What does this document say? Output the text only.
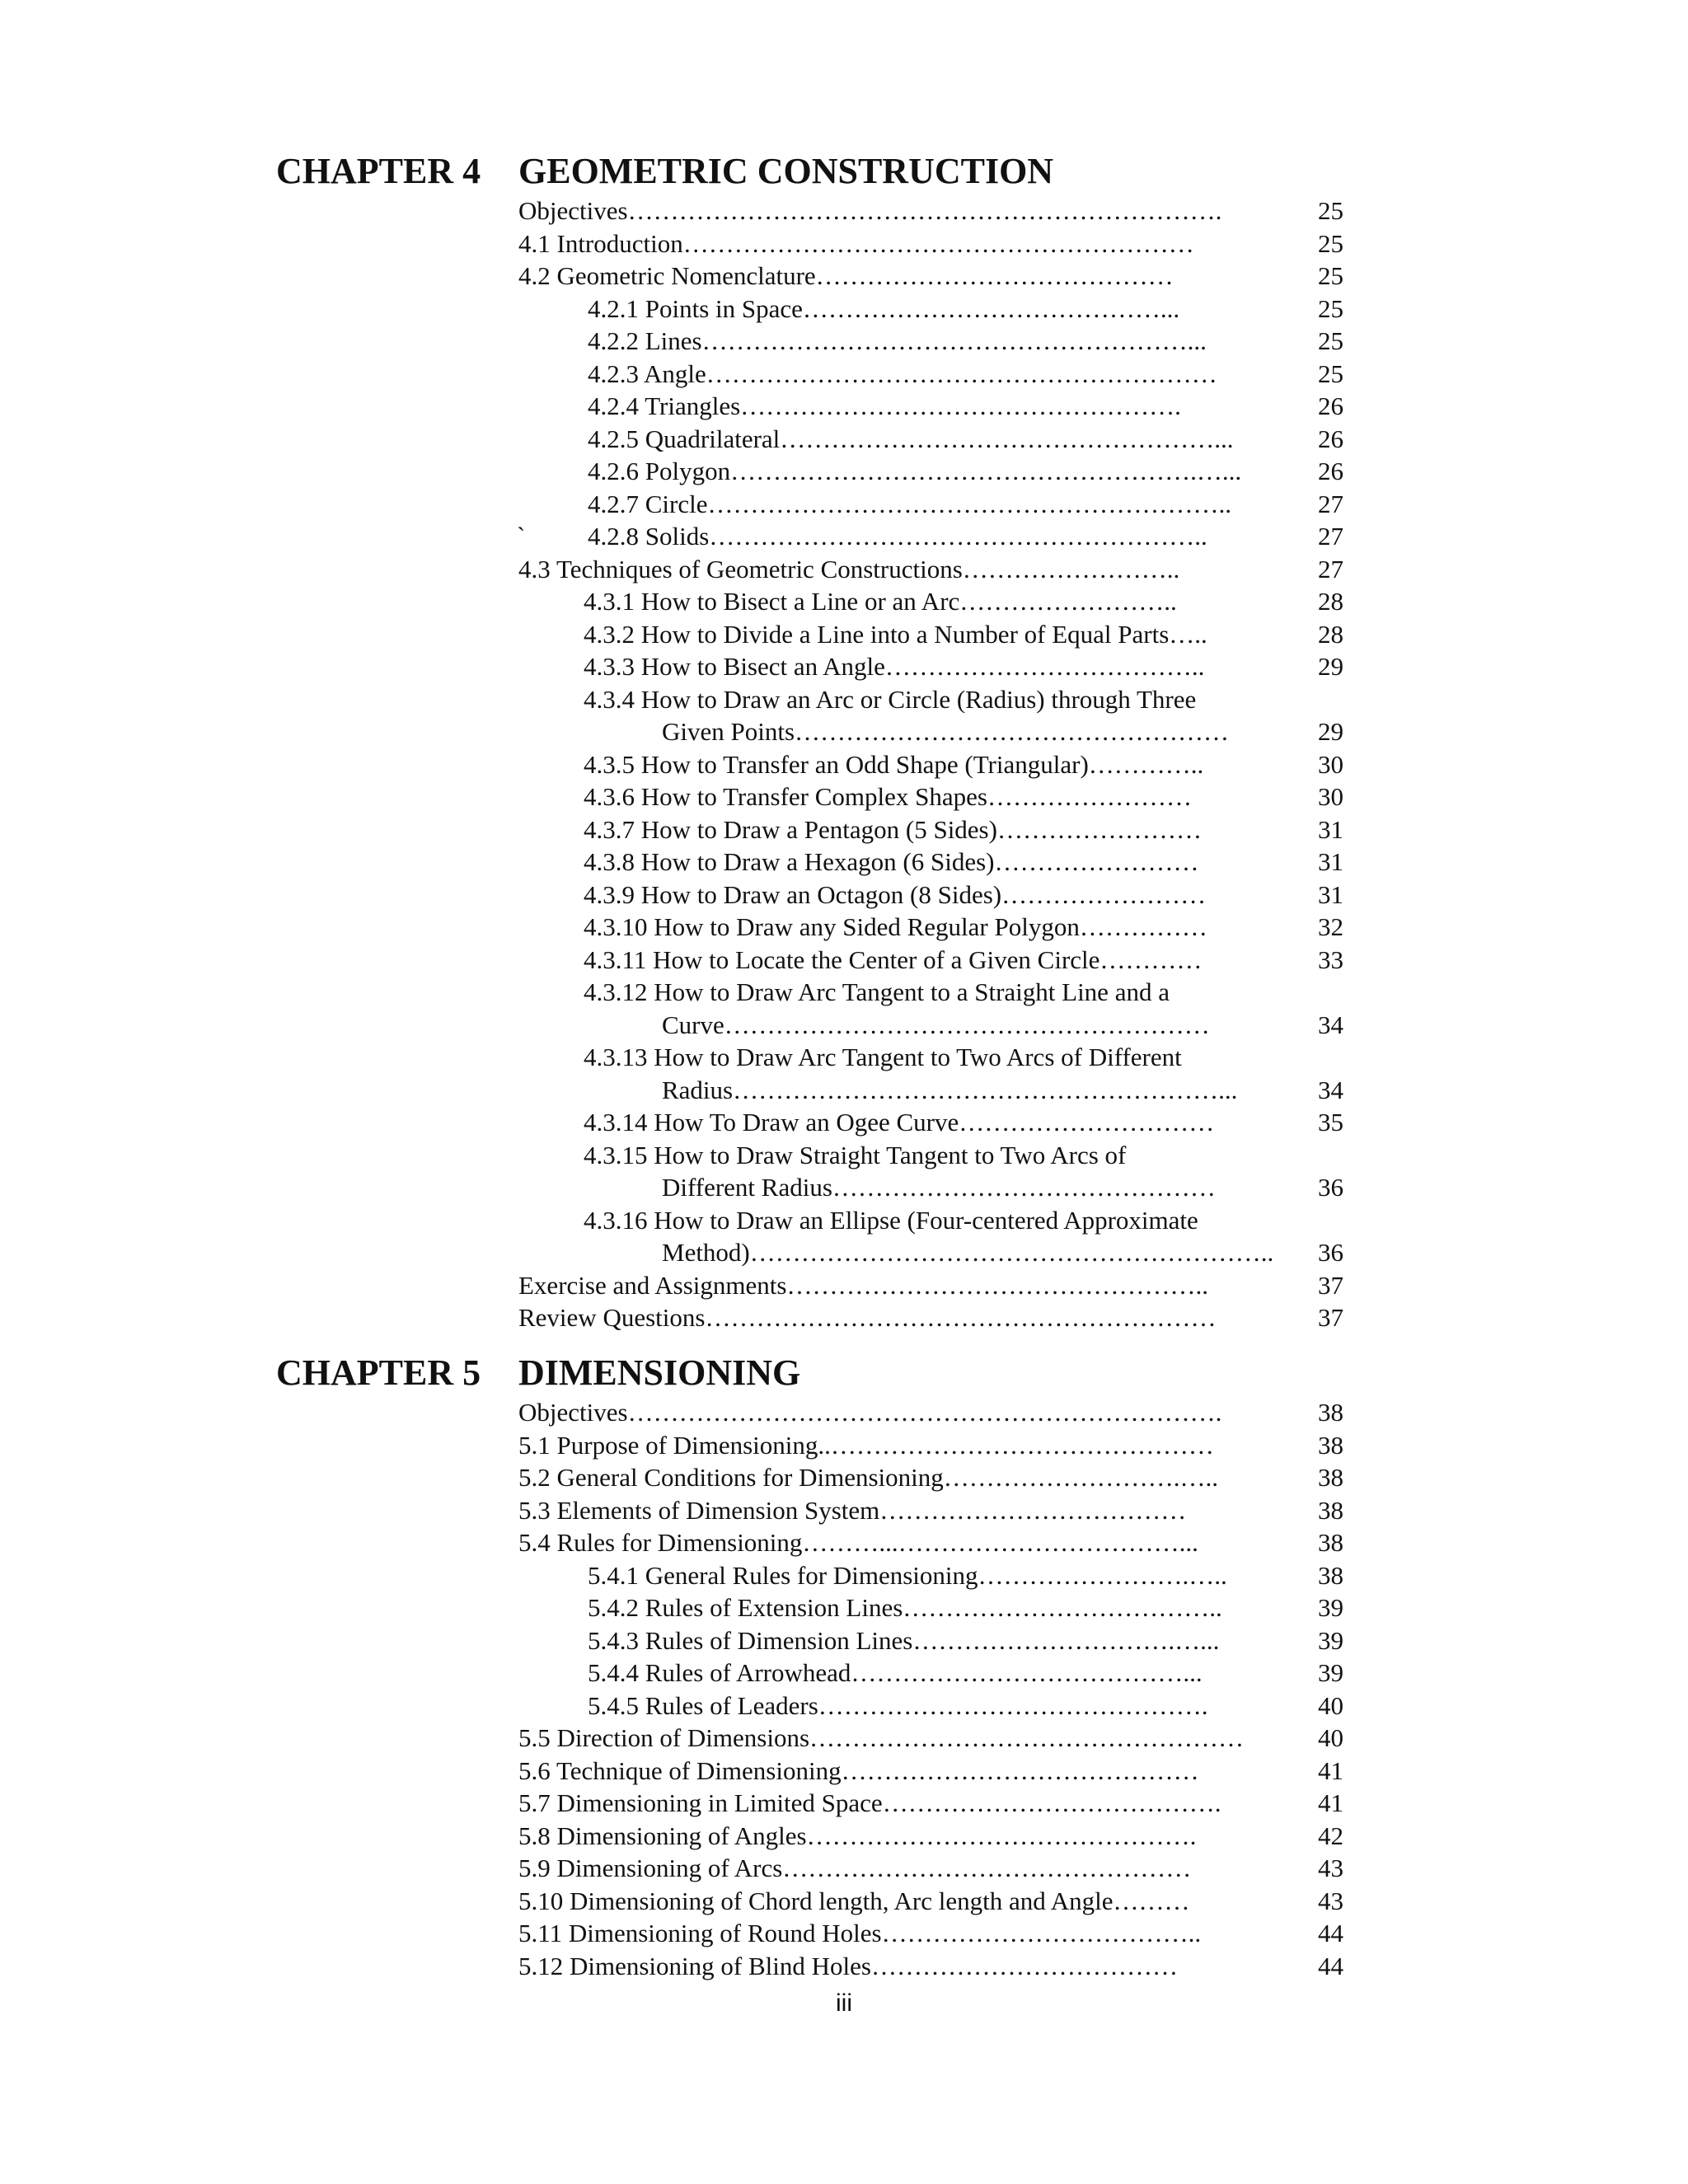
CHAPTER 4 GEOMETRIC CONSTRUCTION
Objectives…………………………………………………………….	25
4.1 Introduction……………………………………………………	25
4.2 Geometric Nomenclature……………………………………	25
4.2.1 Points in Space……………………………………...	25
4.2.2 Lines…………………………………………………...	25
4.2.3 Angle……………………………………………………	25
4.2.4 Triangles…………………………………………….	26
4.2.5 Quadrilateral……………………………………………...	26
4.2.6 Polygon……………………………………………….…...	26
4.2.7 Circle……………………………………………………..	27
` 4.2.8 Solids…………………………………………………..	27
4.3 Techniques of Geometric Constructions……………………..	27
4.3.1 How to Bisect a Line or an Arc……………………..	28
4.3.2 How to Divide a Line into a Number of Equal Parts…..	28
4.3.3 How to Bisect an Angle………………………………..	29
4.3.4 How to Draw an Arc or Circle (Radius) through Three
Given Points……………………………………………	29
4.3.5 How to Transfer an Odd Shape (Triangular)…………..	30
4.3.6 How to Transfer Complex Shapes……………………	30
4.3.7 How to Draw a Pentagon (5 Sides)……………………	31
4.3.8 How to Draw a Hexagon (6 Sides)……………………	31
4.3.9 How to Draw an Octagon (8 Sides)……………………	31
4.3.10 How to Draw any Sided Regular Polygon……………	32
4.3.11 How to Locate the Center of a Given Circle…………	33
4.3.12 How to Draw Arc Tangent to a Straight Line and a
Curve…………………………………………………	34
4.3.13 How to Draw Arc Tangent to Two Arcs of Different
Radius…………………………………………………...	34
4.3.14 How To Draw an Ogee Curve…………………………	35
4.3.15 How to Draw Straight Tangent to Two Arcs of
Different Radius………………………………………	36
4.3.16 How to Draw an Ellipse (Four-centered Approximate
Method)……………………………………………………..	36
Exercise and Assignments…………………………………………..	37
Review Questions……………………………………………………	37
CHAPTER 5 DIMENSIONING
Objectives…………………………………………………………….	38
5.1 Purpose of Dimensioning..………………………………………	38
5.2 General Conditions for Dimensioning……………………….…..	38
5.3 Elements of Dimension System………………………………	38
5.4 Rules for Dimensioning………...……………………………...	38
5.4.1 General Rules for Dimensioning…………………….…..	38
5.4.2 Rules of Extension Lines………………………………..	39
5.4.3 Rules of Dimension Lines………………………….…...	39
5.4.4 Rules of Arrowhead…………………………………...	39
5.4.5 Rules of Leaders……………………………………….	40
5.5 Direction of Dimensions……………………………………………	40
5.6 Technique of Dimensioning……………………………………	41
5.7 Dimensioning in Limited Space………………………………….	41
5.8 Dimensioning of Angles……………………………………….	42
5.9 Dimensioning of Arcs…………………………………………	43
5.10 Dimensioning of Chord length, Arc length and Angle………	43
5.11 Dimensioning of Round Holes………………………………..	44
5.12 Dimensioning of Blind Holes………………………………	44
iii
